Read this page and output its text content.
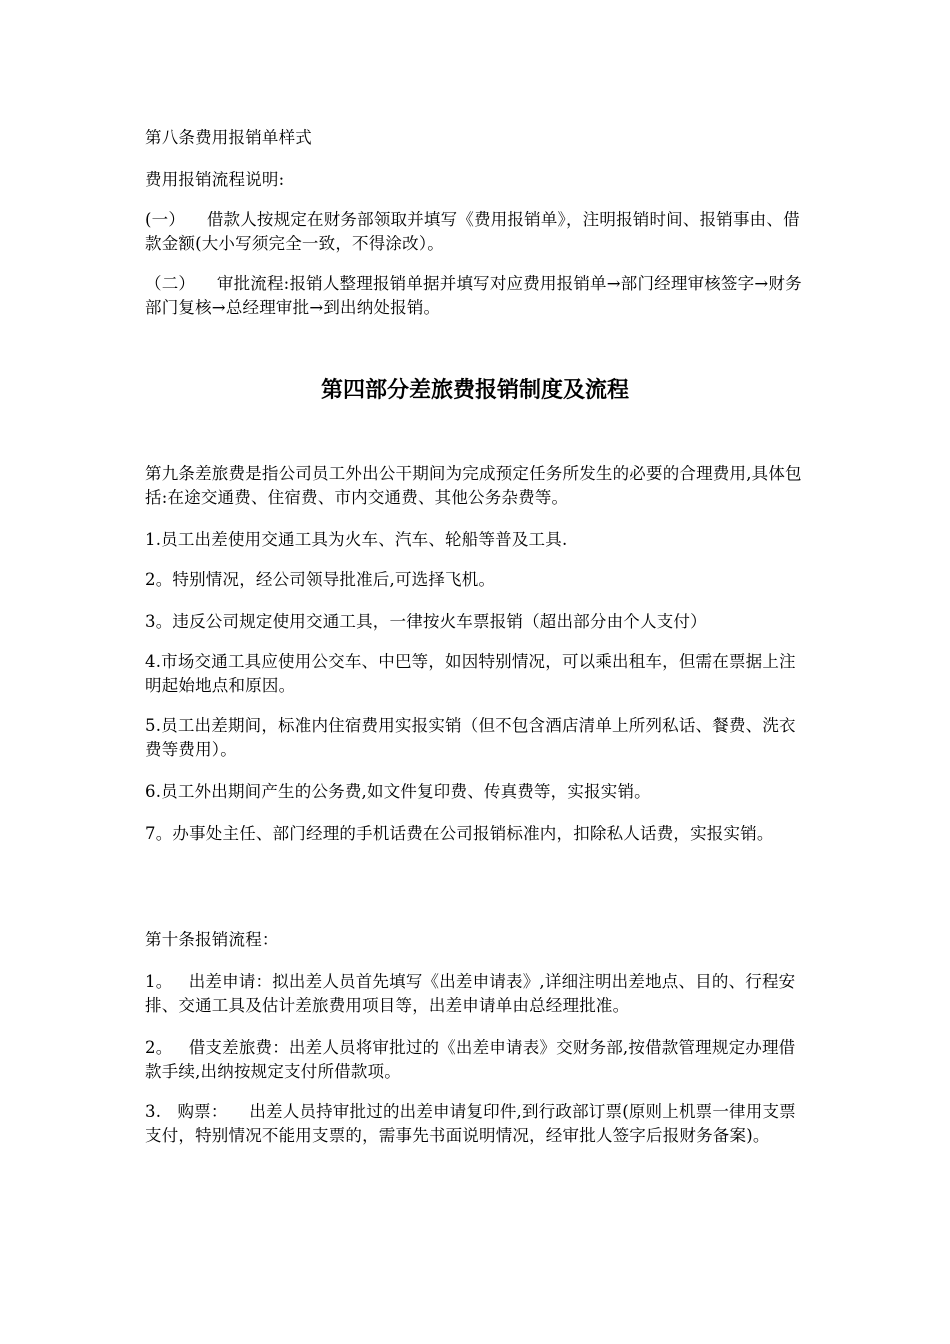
第八条费用报销单样式

费用报销流程说明:

(一）    借款人按规定在财务部领取并填写《费用报销单》，注明报销时间、报销事由、借款金额(大小写须完全一致，不得涂改）。

（二）    审批流程:报销人整理报销单据并填写对应费用报销单→部门经理审核签字→财务部门复核→总经理审批→到出纳处报销。

第四部分差旅费报销制度及流程

第九条差旅费是指公司员工外出公干期间为完成预定任务所发生的必要的合理费用,具体包括:在途交通费、住宿费、市内交通费、其他公务杂费等。

1.员工出差使用交通工具为火车、汽车、轮船等普及工具.

2。特别情况，经公司领导批准后,可选择飞机。

3。违反公司规定使用交通工具，一律按火车票报销（超出部分由个人支付）

4.市场交通工具应使用公交车、中巴等，如因特别情况，可以乘出租车，但需在票据上注明起始地点和原因。

5.员工出差期间，标准内住宿费用实报实销（但不包含酒店清单上所列私话、餐费、洗衣费等费用）。

6.员工外出期间产生的公务费,如文件复印费、传真费等，实报实销。

7。办事处主任、部门经理的手机话费在公司报销标准内，扣除私人话费，实报实销。

第十条报销流程：

1。   出差申请：拟出差人员首先填写《出差申请表》,详细注明出差地点、目的、行程安排、交通工具及估计差旅费用项目等，出差申请单由总经理批准。

2。   借支差旅费：出差人员将审批过的《出差申请表》交财务部,按借款管理规定办理借款手续,出纳按规定支付所借款项。

3.   购票：    出差人员持审批过的出差申请复印件,到行政部订票(原则上机票一律用支票支付，特别情况不能用支票的，需事先书面说明情况，经审批人签字后报财务备案)。
